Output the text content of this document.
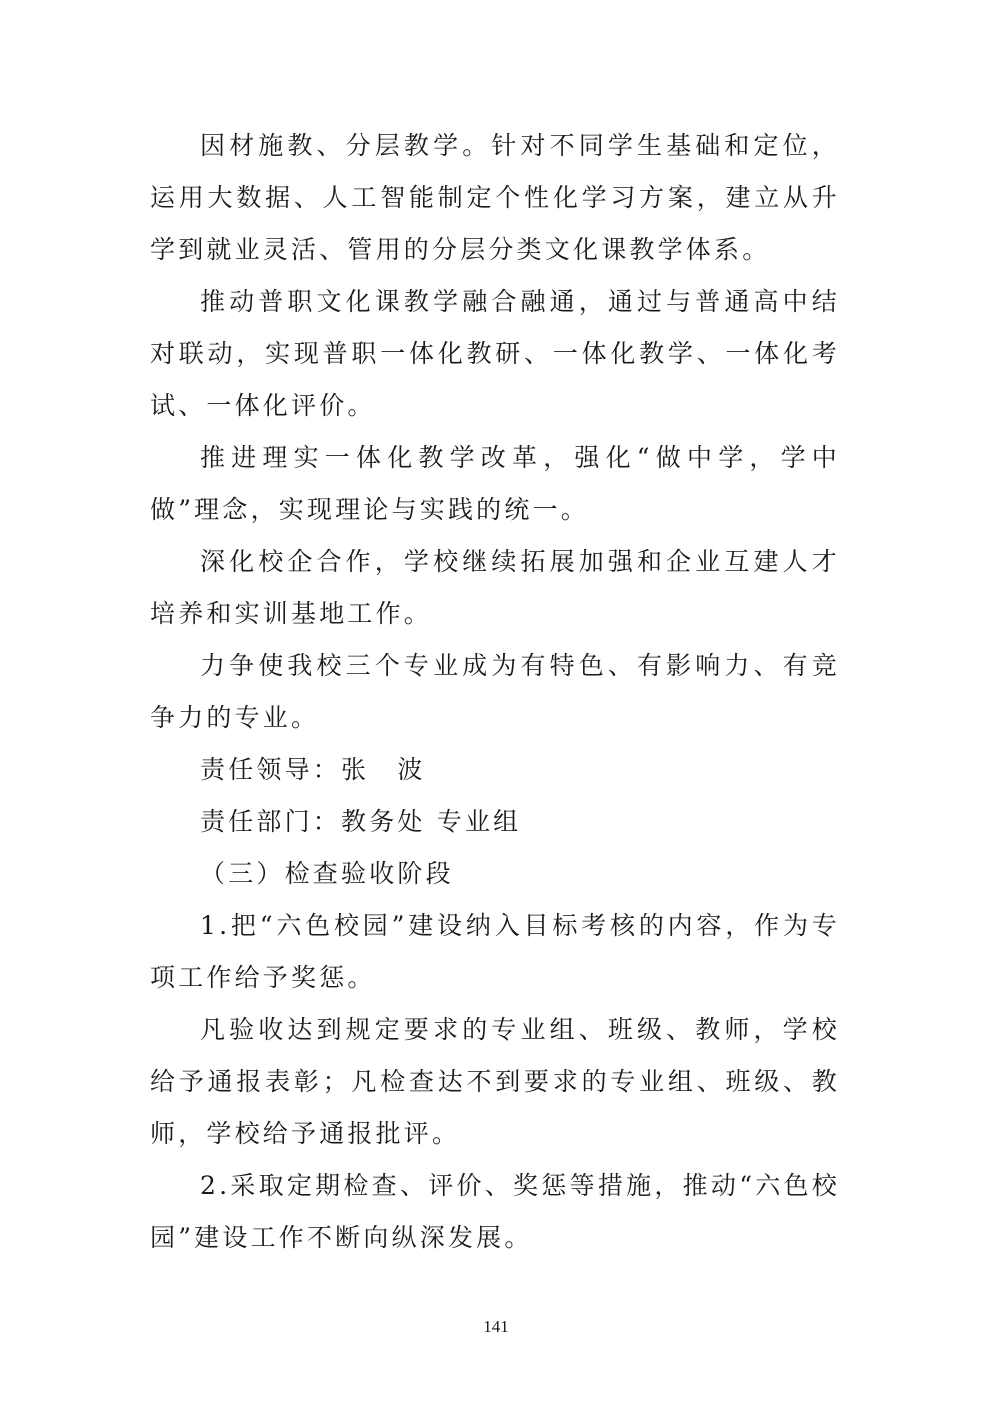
因材施教、分层教学。针对不同学生基础和定位，运用大数据、人工智能制定个性化学习方案，建立从升学到就业灵活、管用的分层分类文化课教学体系。

推动普职文化课教学融合融通，通过与普通高中结对联动，实现普职一体化教研、一体化教学、一体化考试、一体化评价。

推进理实一体化教学改革，强化“做中学，学中做”理念，实现理论与实践的统一。

深化校企合作，学校继续拓展加强和企业互建人才培养和实训基地工作。

力争使我校三个专业成为有特色、有影响力、有竞争力的专业。

责任领导：张　波

责任部门：教务处 专业组

（三）检查验收阶段

1.把“六色校园”建设纳入目标考核的内容，作为专项工作给予奖惩。

凡验收达到规定要求的专业组、班级、教师，学校给予通报表彰；凡检查达不到要求的专业组、班级、教师，学校给予通报批评。

2.采取定期检查、评价、奖惩等措施，推动“六色校园”建设工作不断向纵深发展。

141
